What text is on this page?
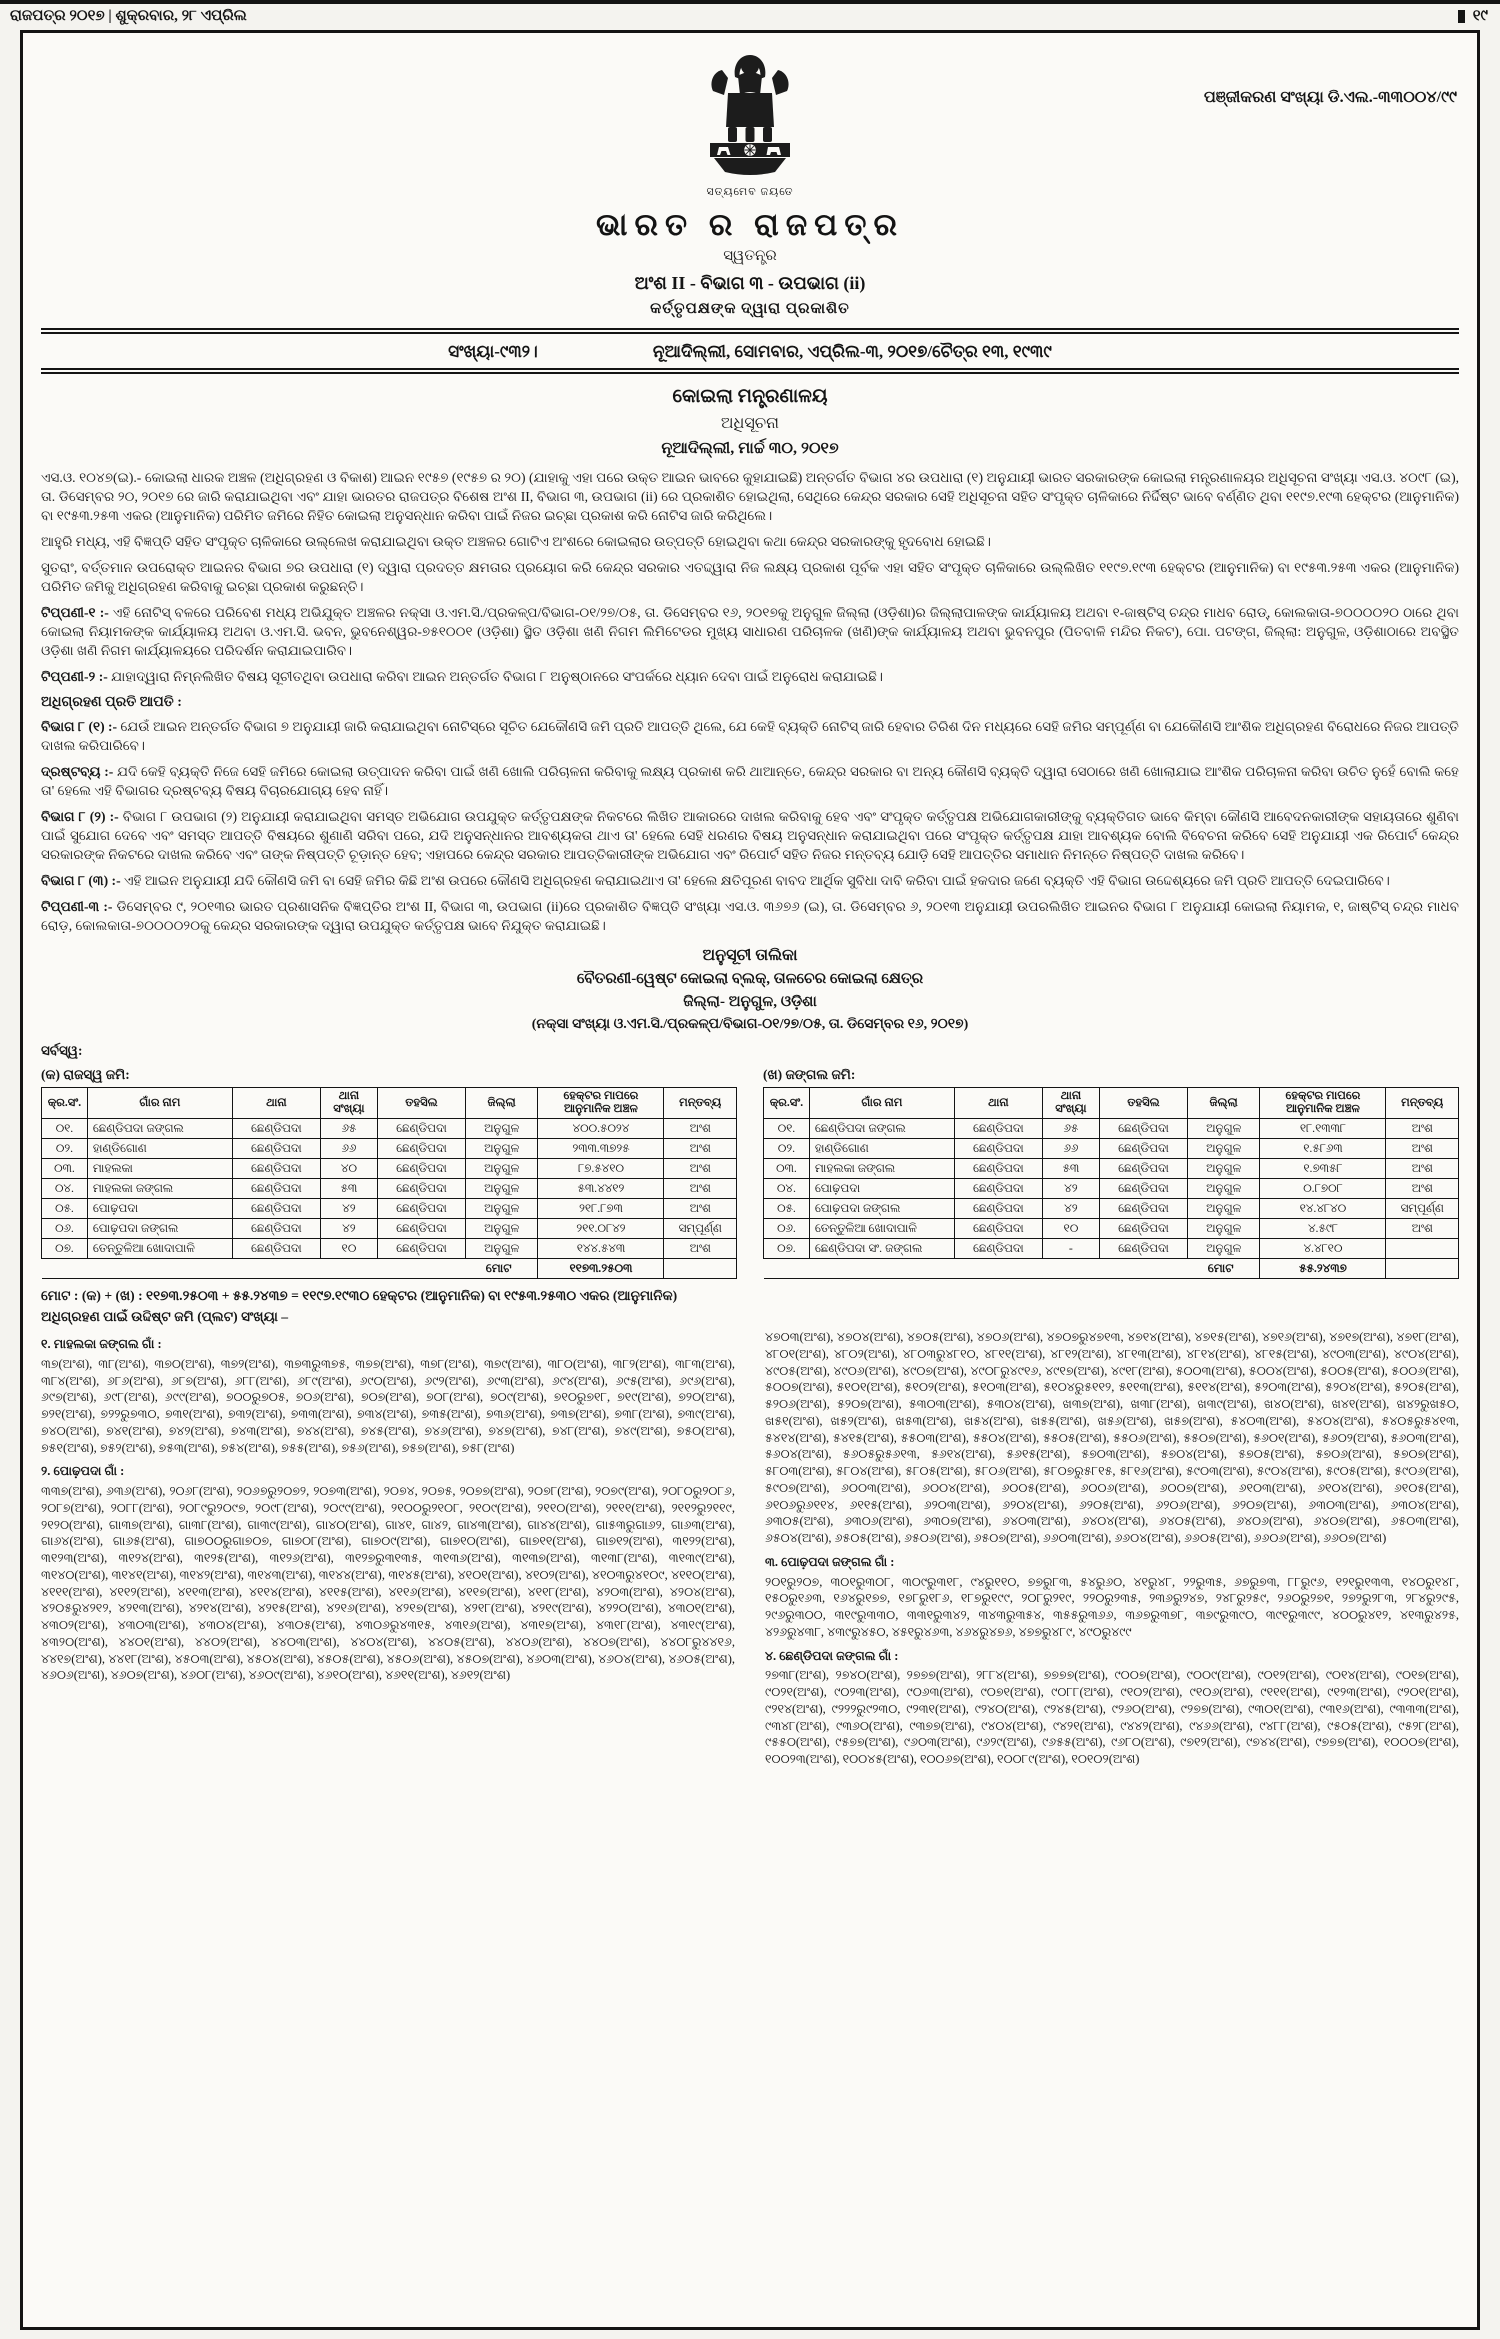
ରାଜପତ୍ର ୨୦୧୭ | ଶୁକ୍ରବାର, ୨୮ ଏପ୍ରିଲ	୧୯
ପଞ୍ଜୀକରଣ ସଂଖ୍ୟା ଡି.ଏଲ.-୩୩୦୦୪/୯୯
ସତ୍ୟମେବ ଜୟତେ
ଭାରତ ର ରାଜପତ୍ର
ସ୍ୱତନ୍ତ୍ର
ଅଂଶ II - ବିଭାଗ ୩ - ଉପଭାଗ (ii)
କର୍ତ୍ତୃପକ୍ଷଙ୍କ ଦ୍ୱାରା ପ୍ରକାଶିତ
ସଂଖ୍ୟା-୯୩୨।	ନୂଆଦିଲ୍ଲୀ, ସୋମବାର, ଏପ୍ରିଲ-୩, ୨୦୧୭/ଚୈତ୍ର ୧୩, ୧୯୩୯
କୋଇଲା ମନ୍ତ୍ରଣାଳୟ
ଅଧିସୂଚନା
ନୂଆଦିଲ୍ଲୀ, ମାର୍ଚ୍ଚ ୩୦, ୨୦୧୭
ଏସ.ଓ. ୧୦୪୭(ଇ).- କୋଇଲା ଧାରକ ଅଞ୍ଚଳ (ଅଧିଗ୍ରହଣ ଓ ବିକାଶ) ଆଇନ ୧୯୫୭ (୧୯୫୭ ର ୨୦) (ଯାହାକୁ ଏହା ପରେ ଉକ୍ତ ଆଇନ ଭାବରେ କୁହାଯାଇଛି) ଅନ୍ତର୍ଗତ ବିଭାଗ ୪ର ଉପଧାରା (୧) ଅନୁଯାୟୀ ଭାରତ ସରକାରଙ୍କ କୋଇଲା ମନ୍ତ୍ରଣାଳୟର ଅଧିସୂଚନା ସଂଖ୍ୟା ଏସ.ଓ. ୪୦୯୮ (ଇ), ତା. ଡିସେମ୍ବର ୨୦, ୨୦୧୭ ରେ ଜାରି କରାଯାଇଥିବା ଏବଂ ଯାହା ଭାରତର ରାଜପତ୍ର ବିଶେଷ ଅଂଶ II, ବିଭାଗ ୩, ଉପଭାଗ (ii) ରେ ପ୍ରକାଶିତ ହୋଇଥିଲା, ସେଥିରେ କେନ୍ଦ୍ର ସରକାର ସେହି ଅଧିସୂଚନା ସହିତ ସଂପୃକ୍ତ ଚାଳିକାରେ ନିର୍ଦ୍ଦିଷ୍ଟ ଭାବେ ବର୍ଣ୍ଣିତ ଥିବା ୧୧୯୭.୧୯୩ ହେକ୍ଟର (ଆନୁମାନିକ) ବା ୧୯୫୩.୨୫୩ ଏକର (ଆନୁମାନିକ) ପରିମିତ ଜମିରେ ନିହିତ କୋଇଲା ଅନୁସନ୍ଧାନ କରିବା ପାଇଁ ନିଜର ଇଚ୍ଛା ପ୍ରକାଶ କରି ନୋଟିସ ଜାରି କରିଥିଲେ।
ଆହୁରି ମଧ୍ୟ, ଏହି ବିଜ୍ଞପ୍ତି ସହିତ ସଂପୃକ୍ତ ଚାଳିକାରେ ଉଲ୍ଲେଖ କରାଯାଇଥିବା ଉକ୍ତ ଅଞ୍ଚଳର ଗୋଟିଏ ଅଂଶରେ କୋଇଲାର ଉତ୍ପତ୍ତି ହୋଇଥିବା କଥା କେନ୍ଦ୍ର ସରକାରଙ୍କୁ ହୃଦବୋଧ ହୋଇଛି।
ସୁତରାଂ, ବର୍ତ୍ତମାନ ଉପରୋକ୍ତ ଆଇନର ବିଭାଗ ୭ର ଉପଧାରା (୧) ଦ୍ୱାରା ପ୍ରଦତ୍ତ କ୍ଷମତାର ପ୍ରୟୋଗ କରି କେନ୍ଦ୍ର ସରକାର ଏତଦ୍ଦ୍ୱାରା ନିଜ ଲକ୍ଷ୍ୟ ପ୍ରକାଶ ପୂର୍ବକ ଏହା ସହିତ ସଂପୃକ୍ତ ଚାଳିକାରେ ଉଲ୍ଲିଖିତ ୧୧୯୭.୧୯୩ ହେକ୍ଟର (ଆନୁମାନିକ) ବା ୧୯୫୩.୨୫୩ ଏକର (ଆନୁମାନିକ) ପରିମିତ ଜମିକୁ ଅଧିଗ୍ରହଣ କରିବାକୁ ଇଚ୍ଛା ପ୍ରକାଶ କରୁଛନ୍ତି।
ଟିପ୍ପଣୀ-୧ :- ଏହି ନୋଟିସ୍ ବଳରେ ପରିବେଶ ମଧ୍ୟ ଅଭିଯୁକ୍ତ ଅଞ୍ଚଳର ନକ୍ସା ଓ.ଏମ.ସି./ପ୍ରକଳ୍ପ/ବିଭାଗ-୦୧/୨୭/୦୫, ତା. ଡିସେମ୍ବର ୧୬, ୨୦୧୭କୁ ଅନୁଗୁଳ ଜିଲ୍ଲା (ଓଡ଼ିଶା)ର ଜିଲ୍ଲାପାଳଙ୍କ କାର୍ଯ୍ୟାଳୟ ଅଥବା ୧-ଜାଷ୍ଟିସ୍ ଚନ୍ଦ୍ର ମାଧବ ରୋଡ୍, କୋଲକାତା-୭୦୦୦୦୨୦ ଠାରେ ଥିବା କୋଇଲା ନିୟାମକଙ୍କ କାର୍ଯ୍ୟାଳୟ ଅଥବା ଓ.ଏମ.ସି. ଭବନ, ଭୁବନେଶ୍ୱର-୭୫୧୦୦୧ (ଓଡ଼ିଶା) ସ୍ଥିତ ଓଡ଼ିଶା ଖଣି ନିଗମ ଲିମିଟେଡର ମୁଖ୍ୟ ସାଧାରଣ ପରିଚାଳକ (ଖଣି)ଙ୍କ କାର୍ଯ୍ୟାଳୟ ଅଥବା ଭୁବନପୁର (ପିତବାଳି ମନ୍ଦିର ନିକଟ), ପୋ. ପଟଙ୍ଗ, ଜିଲ୍ଲା: ଅନୁଗୁଳ, ଓଡ଼ିଶାଠାରେ ଅବସ୍ଥିତ ଓଡ଼ିଶା ଖଣି ନିଗମ କାର୍ଯ୍ୟାଳୟରେ ପରିଦର୍ଶନ କରାଯାଇପାରିବ।
ଟିପ୍ପଣୀ-୨ :- ଯାହାଦ୍ୱାରା ନିମ୍ନଲିଖିତ ବିଷୟ ସୂଚୀତଥିବା ଉପଧାରା କରିବା ଆଇନ ଅନ୍ତର୍ଗତ ବିଭାଗ ୮ ଅନୁଷ୍ଠାନରେ ସଂପର୍କରେ ଧ୍ୟାନ ଦେବା ପାଇଁ ଅନୁରୋଧ କରାଯାଇଛି।
ଅଧିଗ୍ରହଣ ପ୍ରତି ଆପତି :
ବିଭାଗ ୮ (୧) :- ଯେଉଁ ଆଇନ ଅନ୍ତର୍ଗତ ବିଭାଗ ୭ ଅନୁଯାୟୀ ଜାରି କରାଯାଇଥିବା ନୋଟିସ୍‌ରେ ସୂଚିତ ଯେକୌଣସି ଜମି ପ୍ରତି ଆପତ୍ତି ଥିଲେ, ଯେ କେହି ବ୍ୟକ୍ତି ନୋଟିସ୍ ଜାରି ହେବାର ତିରିଶ ଦିନ ମଧ୍ୟରେ ସେହି ଜମିର ସମ୍ପୂର୍ଣ୍ଣ ବା ଯେକୌଣସି ଆଂଶିକ ଅଧିଗ୍ରହଣ ବିରୋଧରେ ନିଜର ଆପତ୍ତି ଦାଖଲ କରିପାରିବେ।
ଦ୍ରଷ୍ଟବ୍ୟ :- ଯଦି କେହି ବ୍ୟକ୍ତି ନିଜେ ସେହି ଜମିରେ କୋଇଲା ଉତ୍ପାଦନ କରିବା ପାଇଁ ଖଣି ଖୋଲି ପରିଚାଳନା କରିବାକୁ ଲକ୍ଷ୍ୟ ପ୍ରକାଶ କରି ଥାଆନ୍ତେ, କେନ୍ଦ୍ର ସରକାର ବା ଅନ୍ୟ କୌଣସି ବ୍ୟକ୍ତି ଦ୍ୱାରା ସେଠାରେ ଖଣି ଖୋଲାଯାଇ ଆଂଶିକ ପରିଚାଳନା କରିବା ଉଚିତ ନୁହେଁ ବୋଲି କହେ ତା' ହେଲେ ଏହି ବିଭାଗର ଦ୍ରଷ୍ଟବ୍ୟ ବିଷୟ ବିଚାରଯୋଗ୍ୟ ହେବ ନାହିଁ।
ବିଭାଗ ୮ (୨) :- ବିଭାଗ ୮ ଉପଭାଗ (୨) ଅନୁଯାୟୀ କରାଯାଇଥିବା ସମସ୍ତ ଅଭିଯୋଗ ଉପଯୁକ୍ତ କର୍ତ୍ତୃପକ୍ଷଙ୍କ ନିକଟରେ ଲିଖିତ ଆକାରରେ ଦାଖଲ କରିବାକୁ ହେବ ଏବଂ ସଂପୃକ୍ତ କର୍ତ୍ତୃପକ୍ଷ ଅଭିଯୋଗକାରୀଙ୍କୁ ବ୍ୟକ୍ତିଗତ ଭାବେ କିମ୍ବା କୌଣସି ଆବେଦନକାରୀଙ୍କ ସହାୟତାରେ ଶୁଣିବା ପାଇଁ ସୁଯୋଗ ଦେବେ ଏବଂ ସମସ୍ତ ଆପତ୍ତି ବିଷୟରେ ଶୁଣାଣି ସରିବା ପରେ, ଯଦି ଅନୁସନ୍ଧାନର ଆବଶ୍ୟକତା ଥାଏ ତା' ହେଲେ ସେହି ଧରଣର ବିଷୟ ଅନୁସନ୍ଧାନ କରାଯାଇଥିବା ପରେ ସଂପୃକ୍ତ କର୍ତ୍ତୃପକ୍ଷ ଯାହା ଆବଶ୍ୟକ ବୋଲି ବିବେଚନା କରିବେ ସେହି ଅନୁଯାୟୀ ଏକ ରିପୋର୍ଟ କେନ୍ଦ୍ର ସରକାରଙ୍କ ନିକଟରେ ଦାଖଲ କରିବେ ଏବଂ ତାଙ୍କ ନିଷ୍ପତ୍ତି ଚୂଡ଼ାନ୍ତ ହେବ; ଏହାପରେ କେନ୍ଦ୍ର ସରକାର ଆପତ୍ତିକାରୀଙ୍କ ଅଭିଯୋଗ ଏବଂ ରିପୋର୍ଟ ସହିତ ନିଜର ମନ୍ତବ୍ୟ ଯୋଡ଼ି ସେହି ଆପତ୍ତିର ସମାଧାନ ନିମନ୍ତେ ନିଷ୍ପତ୍ତି ଦାଖଲ କରିବେ।
ବିଭାଗ ୮ (୩) :- ଏହି ଆଇନ ଅନୁଯାୟୀ ଯଦି କୌଣସି ଜମି ବା ସେହି ଜମିର କିଛି ଅଂଶ ଉପରେ କୌଣସି ଅଧିଗ୍ରହଣ କରାଯାଇଥାଏ ତା' ହେଲେ କ୍ଷତିପୂରଣ ବାବଦ ଆର୍ଥିକ ସୁବିଧା ଦାବି କରିବା ପାଇଁ ହକଦାର ଜଣେ ବ୍ୟକ୍ତି ଏହି ବିଭାଗ ଉଦ୍ଦେଶ୍ୟରେ ଜମି ପ୍ରତି ଆପତ୍ତି ଦେଇପାରିବେ।
ଟିପ୍ପଣୀ-୩ :- ଡିସେମ୍ବର ୯, ୨୦୧୩ର ଭାରତ ପ୍ରଶାସନିକ ବିଜ୍ଞପ୍ତିର ଅଂଶ II, ବିଭାଗ ୩, ଉପଭାଗ (ii)ରେ ପ୍ରକାଶିତ ବିଜ୍ଞପ୍ତି ସଂଖ୍ୟା ଏସ.ଓ. ୩୬୭୬ (ଇ), ତା. ଡିସେମ୍ବର ୬, ୨୦୧୩ ଅନୁଯାୟୀ ଉପରଲିଖିତ ଆଇନର ବିଭାଗ ୮ ଅନୁଯାୟୀ କୋଇଲା ନିୟାମକ, ୧, ଜାଷ୍ଟିସ୍ ଚନ୍ଦ୍ର ମାଧବ ରୋଡ଼, କୋଲକାତା-୭୦୦୦୦୨୦କୁ କେନ୍ଦ୍ର ସରକାରଙ୍କ ଦ୍ୱାରା ଉପଯୁକ୍ତ କର୍ତ୍ତୃପକ୍ଷ ଭାବେ ନିଯୁକ୍ତ କରାଯାଇଛି।
ଅନୁସୂଚୀ ତାଲିକା
ବୈତରଣୀ-ୱେଷ୍ଟ କୋଇଲା ବ୍ଲକ୍, ତାଳଚେର କୋଇଲା କ୍ଷେତ୍ର
ଜିଲ୍ଲା- ଅନୁଗୁଳ, ଓଡ଼ିଶା
(ନକ୍ସା ସଂଖ୍ୟା ଓ.ଏମ.ସି./ପ୍ରକଳ୍ପ/ବିଭାଗ-୦୧/୨୭/୦୫, ତା. ଡିସେମ୍ବର ୧୬, ୨୦୧୭)
ସର୍ବସ୍ୱ:
(କ) ରାଜସ୍ୱ ଜମି:
କ୍ର.ସଂ.	ଗାଁର ନାମ	ଥାନା	ଥାନା ସଂଖ୍ୟା	ତହସିଲ	ଜିଲ୍ଲା	ହେକ୍ଟର ମାପରେ ଆନୁମାନିକ ଅଞ୍ଚଳ	ମନ୍ତବ୍ୟ
୦୧.	ଛେଣ୍ଡିପଦା ଜଙ୍ଗଲ	ଛେଣ୍ଡିପଦା	୬୫	ଛେଣ୍ଡିପଦା	ଅନୁଗୁଳ	୪୦୦.୫୦୨୪	ଅଂଶ
୦୨.	ହାଣ୍ଡିଗୋଣ	ଛେଣ୍ଡିପଦା	୬୬	ଛେଣ୍ଡିପଦା	ଅନୁଗୁଳ	୨୩୩.୩୭୨୫	ଅଂଶ
୦୩.	ମାହଲକା	ଛେଣ୍ଡିପଦା	୪୦	ଛେଣ୍ଡିପଦା	ଅନୁଗୁଳ	୮୭.୫୪୧୦	ଅଂଶ
୦୪.	ମାହଲକା ଜଙ୍ଗଲ	ଛେଣ୍ଡିପଦା	୫୩	ଛେଣ୍ଡିପଦା	ଅନୁଗୁଳ	୫୩.୪୪୧୨	ଅଂଶ
୦୫.	ପୋଢ଼ପଦା	ଛେଣ୍ଡିପଦା	୪୨	ଛେଣ୍ଡିପଦା	ଅନୁଗୁଳ	୨୧୮.୮୭୩	ଅଂଶ
୦୬.	ପୋଢ଼ପଦା ଜଙ୍ଗଲ	ଛେଣ୍ଡିପଦା	୪୨	ଛେଣ୍ଡିପଦା	ଅନୁଗୁଳ	୨୧୧.୦୮୪୨	ସମ୍ପୂର୍ଣ୍ଣ
୦୭.	ତେନ୍ତୁଳିଆ ଖୋଦାପାଳି	ଛେଣ୍ଡିପଦା	୧୦	ଛେଣ୍ଡିପଦା	ଅନୁଗୁଳ	୧୪୪.୫୪୩	ଅଂଶ
ମୋଟ						୧୧୭୩.୨୫୦୩	
(ଖ) ଜଙ୍ଗଲ ଜମି:
କ୍ର.ସଂ.	ଗାଁର ନାମ	ଥାନା	ଥାନା ସଂଖ୍ୟା	ତହସିଲ	ଜିଲ୍ଲା	ହେକ୍ଟର ମାପରେ ଆନୁମାନିକ ଅଞ୍ଚଳ	ମନ୍ତବ୍ୟ
୦୧.	ଛେଣ୍ଡିପଦା ଜଙ୍ଗଲ	ଛେଣ୍ଡିପଦା	୬୫	ଛେଣ୍ଡିପଦା	ଅନୁଗୁଳ	୧୮.୧୩୩୮	ଅଂଶ
୦୨.	ହାଣ୍ଡିଗୋଣ	ଛେଣ୍ଡିପଦା	୬୬	ଛେଣ୍ଡିପଦା	ଅନୁଗୁଳ	୧.୫୮୬୩	ଅଂଶ
୦୩.	ମାହଲକା ଜଙ୍ଗଲ	ଛେଣ୍ଡିପଦା	୫୩	ଛେଣ୍ଡିପଦା	ଅନୁଗୁଳ	୧.୭୩୫୮	ଅଂଶ
୦୪.	ପୋଢ଼ପଦା	ଛେଣ୍ଡିପଦା	୪୨	ଛେଣ୍ଡିପଦା	ଅନୁଗୁଳ	୦.୮୭୦୮	ଅଂଶ
୦୫.	ପୋଢ଼ପଦା ଜଙ୍ଗଲ	ଛେଣ୍ଡିପଦା	୪୨	ଛେଣ୍ଡିପଦା	ଅନୁଗୁଳ	୧୪.୪୮୪୦	ସମ୍ପୂର୍ଣ୍ଣ
୦୬.	ତେନ୍ତୁଳିଆ ଖୋଦାପାଳି	ଛେଣ୍ଡିପଦା	୧୦	ଛେଣ୍ଡିପଦା	ଅନୁଗୁଳ	୪.୫୯୮	ଅଂଶ
୦୭.	ଛେଣ୍ଡିପଦା ସଂ. ଜଙ୍ଗଲ	ଛେଣ୍ଡିପଦା	-	ଛେଣ୍ଡିପଦା	ଅନୁଗୁଳ	୪.୪୮୧୦	
ମୋଟ						୫୫.୨୪୩୭	
ମୋଟ : (କ) + (ଖ) : ୧୧୭୩.୨୫୦୩ + ୫୫.୨୪୩୭ = ୧୧୯୭.୧୯୩୦ ହେକ୍ଟର (ଆନୁମାନିକ) ବା ୧୯୫୩.୨୫୩୦ ଏକର (ଆନୁମାନିକ)
ଅଧିଗ୍ରହଣ ପାଇଁ ଉଦ୍ଦିଷ୍ଟ ଜମି (ପ୍ଲଟ) ସଂଖ୍ୟା –
୧. ମାହଲକା ଜଙ୍ଗଲ ଗାଁ :
୩୭(ଅଂଶ), ୩୮(ଅଂଶ), ୩୭୦(ଅଂଶ), ୩୭୨(ଅଂଶ), ୩୭୩ରୁ୩୭୫, ୩୭୭(ଅଂଶ), ୩୭୮(ଅଂଶ), ୩୭୯(ଅଂଶ), ୩୮୦(ଅଂଶ), ୩୮୨(ଅଂଶ), ୩୮୩(ଅଂଶ), ୩୮୪(ଅଂଶ), ୬୮୬(ଅଂଶ), ୬୮୭(ଅଂଶ), ୬୮୮(ଅଂଶ), ୬୮୯(ଅଂଶ), ୬୯୦(ଅଂଶ), ୬୯୨(ଅଂଶ), ୬୯୩(ଅଂଶ), ୬୯୪(ଅଂଶ), ୬୯୫(ଅଂଶ), ୬୯୬(ଅଂଶ), ୬୯୭(ଅଂଶ), ୬୯୮(ଅଂଶ), ୬୯୯(ଅଂଶ), ୭୦୦ରୁ୭୦୫, ୭୦୬(ଅଂଶ), ୭୦୭(ଅଂଶ), ୭୦୮(ଅଂଶ), ୭୦୯(ଅଂଶ), ୭୧୦ରୁ୭୧୮, ୭୧୯(ଅଂଶ), ୭୨୦(ଅଂଶ), ୭୨୧(ଅଂଶ), ୭୨୨ରୁ୭୩୦, ୭୩୧(ଅଂଶ), ୭୩୨(ଅଂଶ), ୭୩୩(ଅଂଶ), ୭୩୪(ଅଂଶ), ୭୩୫(ଅଂଶ), ୭୩୬(ଅଂଶ), ୭୩୭(ଅଂଶ), ୭୩୮(ଅଂଶ), ୭୩୯(ଅଂଶ), ୭୪୦(ଅଂଶ), ୭୪୧(ଅଂଶ), ୭୪୨(ଅଂଶ), ୭୪୩(ଅଂଶ), ୭୪୪(ଅଂଶ), ୭୪୫(ଅଂଶ), ୭୪୬(ଅଂଶ), ୭୪୭(ଅଂଶ), ୭୪୮(ଅଂଶ), ୭୪୯(ଅଂଶ), ୭୫୦(ଅଂଶ), ୭୫୧(ଅଂଶ), ୭୫୨(ଅଂଶ), ୭୫୩(ଅଂଶ), ୭୫୪(ଅଂଶ), ୭୫୫(ଅଂଶ), ୭୫୬(ଅଂଶ), ୭୫୭(ଅଂଶ), ୭୫୮(ଅଂଶ)
୨. ପୋଢ଼ପଦା ଗାଁ :
୩୩୭(ଅଂଶ), ୬୩୬(ଅଂଶ), ୨୦୬୮(ଅଂଶ), ୨୦୬୭ରୁ୨୦୭୨, ୨୦୭୩(ଅଂଶ), ୨୦୭୪, ୨୦୭୫, ୨୦୭୭(ଅଂଶ), ୨୦୭୮(ଅଂଶ), ୨୦୭୯(ଅଂଶ), ୨୦୮୦ରୁ୨୦୮୬, ୨୦୮୭(ଅଂଶ), ୨୦୮୮(ଅଂଶ), ୨୦୮୯ରୁ୨୦୯୭, ୨୦୯୮(ଅଂଶ), ୨୦୯୯(ଅଂଶ), ୨୧୦୦ରୁ୨୧୦୮, ୨୧୦୯(ଅଂଶ), ୨୧୧୦(ଅଂଶ), ୨୧୧୧(ଅଂଶ), ୨୧୧୨ରୁ୨୧୧୯, ୨୧୨୦(ଅଂଶ), ଗା୩୭(ଅଂଶ), ଗା୩୮(ଅଂଶ), ଗା୩୯(ଅଂଶ), ଗା୪୦(ଅଂଶ), ଗା୪୧, ଗା୪୨, ଗା୪୩(ଅଂଶ), ଗା୪୪(ଅଂଶ), ଗା୫୩ରୁଗା୬୨, ଗା୬୩(ଅଂଶ), ଗା୬୪(ଅଂଶ), ଗା୬୫(ଅଂଶ), ଗା୭୦୦ରୁଗା୭୦୭, ଗା୭୦୮(ଅଂଶ), ଗା୭୦୯(ଅଂଶ), ଗା୭୧୦(ଅଂଶ), ଗା୭୧୧(ଅଂଶ), ଗା୭୧୨(ଅଂଶ), ୩୧୨୨(ଅଂଶ), ୩୧୨୩(ଅଂଶ), ୩୧୨୪(ଅଂଶ), ୩୧୨୫(ଅଂଶ), ୩୧୨୬(ଅଂଶ), ୩୧୨୭ରୁ୩୧୩୫, ୩୧୩୬(ଅଂଶ), ୩୧୩୭(ଅଂଶ), ୩୧୩୮(ଅଂଶ), ୩୧୩୯(ଅଂଶ), ୩୧୪୦(ଅଂଶ), ୩୧୪୧(ଅଂଶ), ୩୧୪୨(ଅଂଶ), ୩୧୪୩(ଅଂଶ), ୩୧୪୪(ଅଂଶ), ୩୧୪୫(ଅଂଶ), ୪୧୦୧(ଅଂଶ), ୪୧୦୨(ଅଂଶ), ୪୧୦୩ରୁ୪୧୦୯, ୪୧୧୦(ଅଂଶ), ୪୧୧୧(ଅଂଶ), ୪୧୧୨(ଅଂଶ), ୪୧୧୩(ଅଂଶ), ୪୧୧୪(ଅଂଶ), ୪୧୧୫(ଅଂଶ), ୪୧୧୬(ଅଂଶ), ୪୧୧୭(ଅଂଶ), ୪୧୧୮(ଅଂଶ), ୪୨୦୩(ଅଂଶ), ୪୨୦୪(ଅଂଶ), ୪୨୦୫ରୁ୪୨୧୨, ୪୨୧୩(ଅଂଶ), ୪୨୧୪(ଅଂଶ), ୪୨୧୫(ଅଂଶ), ୪୨୧୬(ଅଂଶ), ୪୨୧୭(ଅଂଶ), ୪୨୧୮(ଅଂଶ), ୪୨୧୯(ଅଂଶ), ୪୨୨୦(ଅଂଶ), ୪୩୦୧(ଅଂଶ), ୪୩୦୨(ଅଂଶ), ୪୩୦୩(ଅଂଶ), ୪୩୦୪(ଅଂଶ), ୪୩୦୫(ଅଂଶ), ୪୩୦୬ରୁ୪୩୧୫, ୪୩୧୬(ଅଂଶ), ୪୩୧୭(ଅଂଶ), ୪୩୧୮(ଅଂଶ), ୪୩୧୯(ଅଂଶ), ୪୩୨୦(ଅଂଶ), ୪୪୦୧(ଅଂଶ), ୪୪୦୨(ଅଂଶ), ୪୪୦୩(ଅଂଶ), ୪୪୦୪(ଅଂଶ), ୪୪୦୫(ଅଂଶ), ୪୪୦୬(ଅଂଶ), ୪୪୦୭(ଅଂଶ), ୪୪୦୮ରୁ୪୪୧୬, ୪୪୧୭(ଅଂଶ), ୪୪୧୮(ଅଂଶ), ୪୫୦୩(ଅଂଶ), ୪୫୦୪(ଅଂଶ), ୪୫୦୫(ଅଂଶ), ୪୫୦୬(ଅଂଶ), ୪୫୦୭(ଅଂଶ), ୪୬୦୩(ଅଂଶ), ୪୬୦୪(ଅଂଶ), ୪୬୦୫(ଅଂଶ), ୪୬୦୬(ଅଂଶ), ୪୬୦୭(ଅଂଶ), ୪୬୦୮(ଅଂଶ), ୪୬୦୯(ଅଂଶ), ୪୬୧୦(ଅଂଶ), ୪୬୧୧(ଅଂଶ), ୪୬୧୨(ଅଂଶ)
୪୭୦୩(ଅଂଶ), ୪୭୦୪(ଅଂଶ), ୪୭୦୫(ଅଂଶ), ୪୭୦୬(ଅଂଶ), ୪୭୦୭ରୁ୪୭୧୩, ୪୭୧୪(ଅଂଶ), ୪୭୧୫(ଅଂଶ), ୪୭୧୬(ଅଂଶ), ୪୭୧୭(ଅଂଶ), ୪୭୧୮(ଅଂଶ), ୪୮୦୧(ଅଂଶ), ୪୮୦୨(ଅଂଶ), ୪୮୦୩ରୁ୪୮୧୦, ୪୮୧୧(ଅଂଶ), ୪୮୧୨(ଅଂଶ), ୪୮୧୩(ଅଂଶ), ୪୮୧୪(ଅଂଶ), ୪୮୧୫(ଅଂଶ), ୪୯୦୩(ଅଂଶ), ୪୯୦୪(ଅଂଶ), ୪୯୦୫(ଅଂଶ), ୪୯୦୬(ଅଂଶ), ୪୯୦୭(ଅଂଶ), ୪୯୦୮ରୁ୪୯୧୬, ୪୯୧୭(ଅଂଶ), ୪୯୧୮(ଅଂଶ), ୫୦୦୩(ଅଂଶ), ୫୦୦୪(ଅଂଶ), ୫୦୦୫(ଅଂଶ), ୫୦୦୬(ଅଂଶ), ୫୦୦୭(ଅଂଶ), ୫୧୦୧(ଅଂଶ), ୫୧୦୨(ଅଂଶ), ୫୧୦୩(ଅଂଶ), ୫୧୦୪ରୁ୫୧୧୨, ୫୧୧୩(ଅଂଶ), ୫୧୧୪(ଅଂଶ), ୫୨୦୩(ଅଂଶ), ୫୨୦୪(ଅଂଶ), ୫୨୦୫(ଅଂଶ), ୫୨୦୬(ଅଂଶ), ୫୨୦୭(ଅଂଶ), ୫୩୦୩(ଅଂଶ), ୫୩୦୪(ଅଂଶ), ଖ୩୭(ଅଂଶ), ଖ୩୮(ଅଂଶ), ଖ୩୯(ଅଂଶ), ଖ୪୦(ଅଂଶ), ଖ୪୧(ଅଂଶ), ଖ୪୨ରୁଖ୫୦, ଖ୫୧(ଅଂଶ), ଖ୫୨(ଅଂଶ), ଖ୫୩(ଅଂଶ), ଖ୫୪(ଅଂଶ), ଖ୫୫(ଅଂଶ), ଖ୫୬(ଅଂଶ), ଖ୫୭(ଅଂଶ), ୫୪୦୩(ଅଂଶ), ୫୪୦୪(ଅଂଶ), ୫୪୦୫ରୁ୫୪୧୩, ୫୪୧୪(ଅଂଶ), ୫୪୧୫(ଅଂଶ), ୫୫୦୩(ଅଂଶ), ୫୫୦୪(ଅଂଶ), ୫୫୦୫(ଅଂଶ), ୫୫୦୬(ଅଂଶ), ୫୫୦୭(ଅଂଶ), ୫୬୦୧(ଅଂଶ), ୫୬୦୨(ଅଂଶ), ୫୬୦୩(ଅଂଶ), ୫୬୦୪(ଅଂଶ), ୫୬୦୫ରୁ୫୬୧୩, ୫୬୧୪(ଅଂଶ), ୫୬୧୫(ଅଂଶ), ୫୭୦୩(ଅଂଶ), ୫୭୦୪(ଅଂଶ), ୫୭୦୫(ଅଂଶ), ୫୭୦୬(ଅଂଶ), ୫୭୦୭(ଅଂଶ), ୫୮୦୩(ଅଂଶ), ୫୮୦୪(ଅଂଶ), ୫୮୦୫(ଅଂଶ), ୫୮୦୬(ଅଂଶ), ୫୮୦୭ରୁ୫୮୧୫, ୫୮୧୬(ଅଂଶ), ୫୯୦୩(ଅଂଶ), ୫୯୦୪(ଅଂଶ), ୫୯୦୫(ଅଂଶ), ୫୯୦୬(ଅଂଶ), ୫୯୦୭(ଅଂଶ), ୬୦୦୩(ଅଂଶ), ୬୦୦୪(ଅଂଶ), ୬୦୦୫(ଅଂଶ), ୬୦୦୬(ଅଂଶ), ୬୦୦୭(ଅଂଶ), ୬୧୦୩(ଅଂଶ), ୬୧୦୪(ଅଂଶ), ୬୧୦୫(ଅଂଶ), ୬୧୦୬ରୁ୬୧୧୪, ୬୧୧୫(ଅଂଶ), ୬୨୦୩(ଅଂଶ), ୬୨୦୪(ଅଂଶ), ୬୨୦୫(ଅଂଶ), ୬୨୦୬(ଅଂଶ), ୬୨୦୭(ଅଂଶ), ୬୩୦୩(ଅଂଶ), ୬୩୦୪(ଅଂଶ), ୬୩୦୫(ଅଂଶ), ୬୩୦୬(ଅଂଶ), ୬୩୦୭(ଅଂଶ), ୬୪୦୩(ଅଂଶ), ୬୪୦୪(ଅଂଶ), ୬୪୦୫(ଅଂଶ), ୬୪୦୬(ଅଂଶ), ୬୪୦୭(ଅଂଶ), ୬୫୦୩(ଅଂଶ), ୬୫୦୪(ଅଂଶ), ୬୫୦୫(ଅଂଶ), ୬୫୦୬(ଅଂଶ), ୬୫୦୭(ଅଂଶ), ୬୬୦୩(ଅଂଶ), ୬୬୦୪(ଅଂଶ), ୬୬୦୫(ଅଂଶ), ୬୬୦୬(ଅଂଶ), ୬୬୦୭(ଅଂଶ)
୩. ପୋଢ଼ପଦା ଜଙ୍ଗଲ ଗାଁ :
୨୦୧ରୁ୨୦୭, ୩୦୧ରୁ୩୦୮, ୩୦୯ରୁ୩୧୮, ୯୪ରୁ୧୧୦, ୭୭ରୁ୮୩, ୫୪ରୁ୬୦, ୪୧ରୁ୪୮, ୨୨ରୁ୩୫, ୬୭ରୁ୭୩, ୮୮ରୁ୯୬, ୧୨୧ରୁ୧୩୩, ୧୪୦ରୁ୧୪୮, ୧୫୦ରୁ୧୬୩, ୧୬୪ରୁ୧୭୭, ୧୭୮ରୁ୧୮୬, ୧୮୭ରୁ୧୯୯, ୨୦୮ରୁ୨୧୯, ୨୨୦ରୁ୨୩୫, ୨୩୬ରୁ୨୪୭, ୨୪୮ରୁ୨୫୯, ୨୬୦ରୁ୨୭୧, ୨୭୨ରୁ୨୮୩, ୨୮୪ରୁ୨୯୫, ୨୯୬ରୁ୩୦୦, ୩୧୯ରୁ୩୩୦, ୩୩୧ରୁ୩୪୨, ୩୪୩ରୁ୩୫୪, ୩୫୫ରୁ୩୬୬, ୩୬୭ରୁ୩୭୮, ୩୭୯ରୁ୩୯୦, ୩୯୧ରୁ୩୯୯, ୪୦୦ରୁ୪୧୨, ୪୧୩ରୁ୪୨୫, ୪୨୬ରୁ୪୩୮, ୪୩୯ରୁ୪୫୦, ୪୫୧ରୁ୪୬୩, ୪୬୪ରୁ୪୭୬, ୪୭୭ରୁ୪୮୯, ୪୯୦ରୁ୪୯୯
୪. ଛେଣ୍ଡିପଦା ଜଙ୍ଗଲ ଗାଁ :
୨୭୩୮(ଅଂଶ), ୨୭୪୦(ଅଂଶ), ୨୭୭୭(ଅଂଶ), ୨୮୮୪(ଅଂଶ), ୭୭୭୭(ଅଂଶ), ୯୦୦୭(ଅଂଶ), ୯୦୦୯(ଅଂଶ), ୯୦୧୨(ଅଂଶ), ୯୦୧୪(ଅଂଶ), ୯୦୧୭(ଅଂଶ), ୯୦୨୧(ଅଂଶ), ୯୦୨୩(ଅଂଶ), ୯୦୬୩(ଅଂଶ), ୯୦୭୧(ଅଂଶ), ୯୦୮୮(ଅଂଶ), ୯୧୦୨(ଅଂଶ), ୯୧୦୬(ଅଂଶ), ୯୧୧୧(ଅଂଶ), ୯୧୨୩(ଅଂଶ), ୯୨୦୧(ଅଂଶ), ୯୨୧୪(ଅଂଶ), ୯୨୨୨ରୁ୯୨୩୦, ୯୨୩୧(ଅଂଶ), ୯୨୪୦(ଅଂଶ), ୯୨୪୫(ଅଂଶ), ୯୨୬୦(ଅଂଶ), ୯୨୭୭(ଅଂଶ), ୯୩୦୧(ଅଂଶ), ୯୩୧୬(ଅଂଶ), ୯୩୩୩(ଅଂଶ), ୯୩୪୮(ଅଂଶ), ୯୩୬୦(ଅଂଶ), ୯୩୭୭(ଅଂଶ), ୯୪୦୪(ଅଂଶ), ୯୪୨୧(ଅଂଶ), ୯୪୪୨(ଅଂଶ), ୯୪୬୬(ଅଂଶ), ୯୪୮୮(ଅଂଶ), ୯୫୦୫(ଅଂଶ), ୯୫୨୮(ଅଂଶ), ୯୫୫୦(ଅଂଶ), ୯୫୭୭(ଅଂଶ), ୯୬୦୩(ଅଂଶ), ୯୬୨୯(ଅଂଶ), ୯୬୫୫(ଅଂଶ), ୯୬୮୦(ଅଂଶ), ୯୭୧୨(ଅଂଶ), ୯୭୪୪(ଅଂଶ), ୯୭୭୭(ଅଂଶ), ୧୦୦୦୭(ଅଂଶ), ୧୦୦୨୩(ଅଂଶ), ୧୦୦୪୫(ଅଂଶ), ୧୦୦୬୭(ଅଂଶ), ୧୦୦୮୯(ଅଂଶ), ୧୦୧୦୨(ଅଂଶ)
